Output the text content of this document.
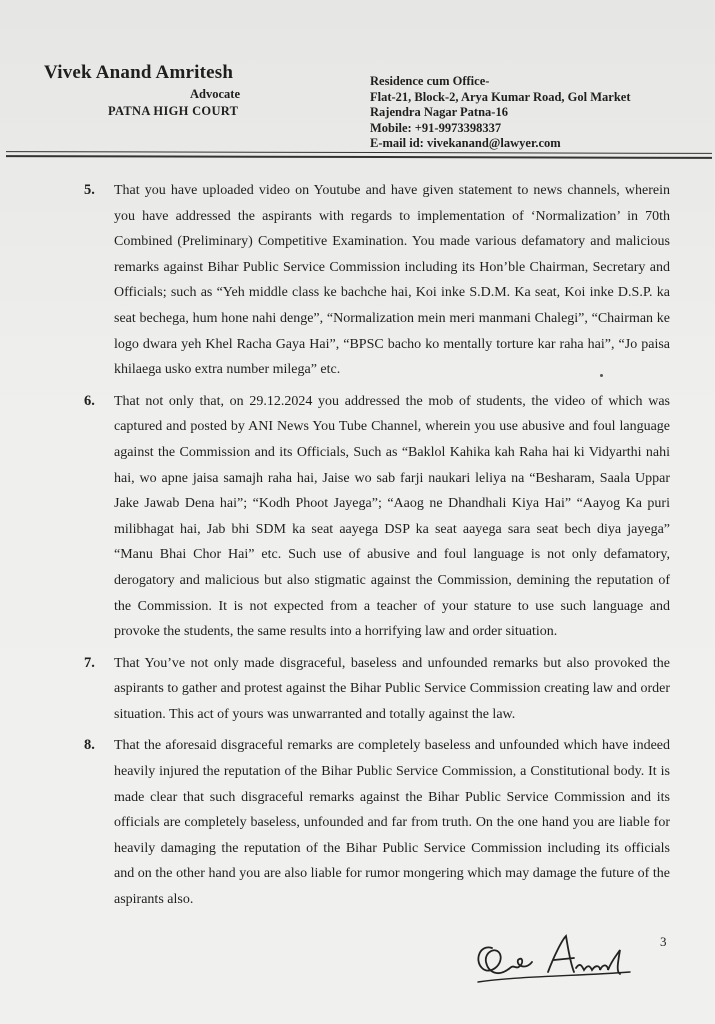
Vivek Anand Amritesh
Advocate
PATNA HIGH COURT
Residence cum Office-
Flat-21, Block-2, Arya Kumar Road, Gol Market
Rajendra Nagar Patna-16
Mobile: +91-9973398337
E-mail id: vivekanand@lawyer.com
5. That you have uploaded video on Youtube and have given statement to news channels, wherein you have addressed the aspirants with regards to implementation of ‘Normalization’ in 70th Combined (Preliminary) Competitive Examination. You made various defamatory and malicious remarks against Bihar Public Service Commission including its Hon’ble Chairman, Secretary and Officials; such as “Yeh middle class ke bachche hai, Koi inke S.D.M. Ka seat, Koi inke D.S.P. ka seat bechega, hum hone nahi denge”, “Normalization mein meri manmani Chalegi”, “Chairman ke logo dwara yeh Khel Racha Gaya Hai”, “BPSC bacho ko mentally torture kar raha hai”, “Jo paisa khilaega usko extra number milega” etc.
6. That not only that, on 29.12.2024 you addressed the mob of students, the video of which was captured and posted by ANI News You Tube Channel, wherein you use abusive and foul language against the Commission and its Officials, Such as “Baklol Kahika kah Raha hai ki Vidyarthi nahi hai, wo apne jaisa samajh raha hai, Jaise wo sab farji naukari leliya na “Besharam, Saala Uppar Jake Jawab Dena hai”; “Kodh Phoot Jayega”; “Aaog ne Dhandhali Kiya Hai” “Aayog Ka puri milibhagat hai, Jab bhi SDM ka seat aayega DSP ka seat aayega sara seat bech diya jayega” “Manu Bhai Chor Hai” etc. Such use of abusive and foul language is not only defamatory, derogatory and malicious but also stigmatic against the Commission, demining the reputation of the Commission. It is not expected from a teacher of your stature to use such language and provoke the students, the same results into a horrifying law and order situation.
7. That You’ve not only made disgraceful, baseless and unfounded remarks but also provoked the aspirants to gather and protest against the Bihar Public Service Commission creating law and order situation. This act of yours was unwarranted and totally against the law.
8. That the aforesaid disgraceful remarks are completely baseless and unfounded which have indeed heavily injured the reputation of the Bihar Public Service Commission, a Constitutional body. It is made clear that such disgraceful remarks against the Bihar Public Service Commission and its officials are completely baseless, unfounded and far from truth. On the one hand you are liable for heavily damaging the reputation of the Bihar Public Service Commission including its officials and on the other hand you are also liable for rumor mongering which may damage the future of the aspirants also.
3
